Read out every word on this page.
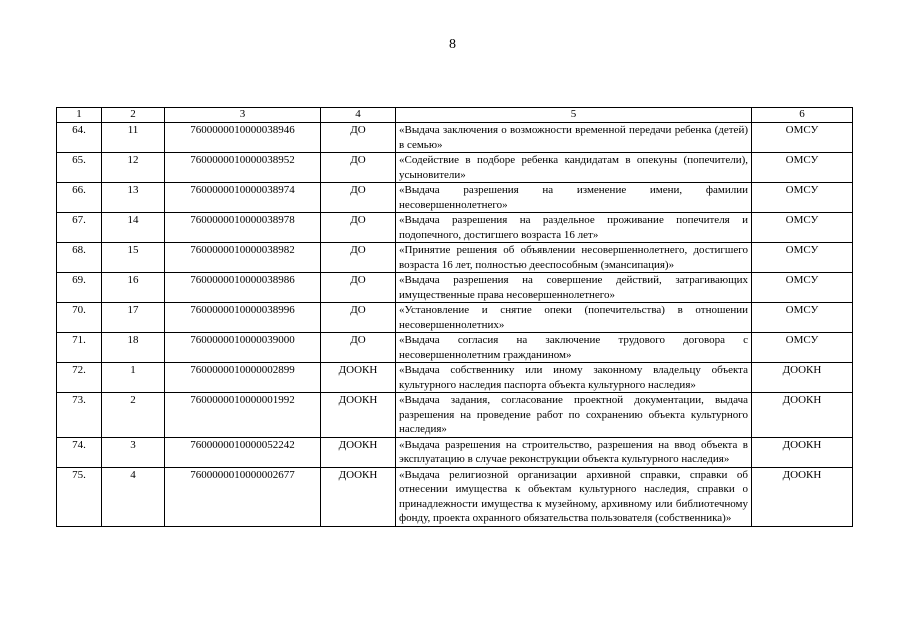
8
1	2	3	4	5	6
64.	11	7600000010000038946	ДО	«Выдача заключения о возможности временной передачи ребенка (детей) в семью»	ОМСУ
65.	12	7600000010000038952	ДО	«Содействие в подборе ребенка кандидатам в опекуны (попечители), усыновители»	ОМСУ
66.	13	7600000010000038974	ДО	«Выдача разрешения на изменение имени, фамилии несовершеннолетнего»	ОМСУ
67.	14	7600000010000038978	ДО	«Выдача разрешения на раздельное проживание попечителя и подопечного, достигшего возраста 16 лет»	ОМСУ
68.	15	7600000010000038982	ДО	«Принятие решения об объявлении несовершеннолетнего, достигшего возраста 16 лет, полностью дееспособным (эмансипация)»	ОМСУ
69.	16	7600000010000038986	ДО	«Выдача разрешения на совершение действий, затрагивающих имущественные права несовершеннолетнего»	ОМСУ
70.	17	7600000010000038996	ДО	«Установление и снятие опеки (попечительства) в отношении несовершеннолетних»	ОМСУ
71.	18	7600000010000039000	ДО	«Выдача согласия на заключение трудового договора с несовершеннолетним гражданином»	ОМСУ
72.	1	7600000010000002899	ДООКН	«Выдача собственнику или иному законному владельцу объекта культурного наследия паспорта объекта культурного наследия»	ДООКН
73.	2	7600000010000001992	ДООКН	«Выдача задания, согласование проектной документации, выдача разрешения на проведение работ по сохранению объекта культурного наследия»	ДООКН
74.	3	7600000010000052242	ДООКН	«Выдача разрешения на строительство, разрешения на ввод объекта в эксплуатацию в случае реконструкции объекта культурного наследия»	ДООКН
75.	4	7600000010000002677	ДООКН	«Выдача религиозной организации архивной справки, справки об отнесении имущества к объектам культурного наследия, справки о принадлежности имущества к музейному, архивному или библиотечному фонду, проекта охранного обязательства пользователя (собственника)»	ДООКН
